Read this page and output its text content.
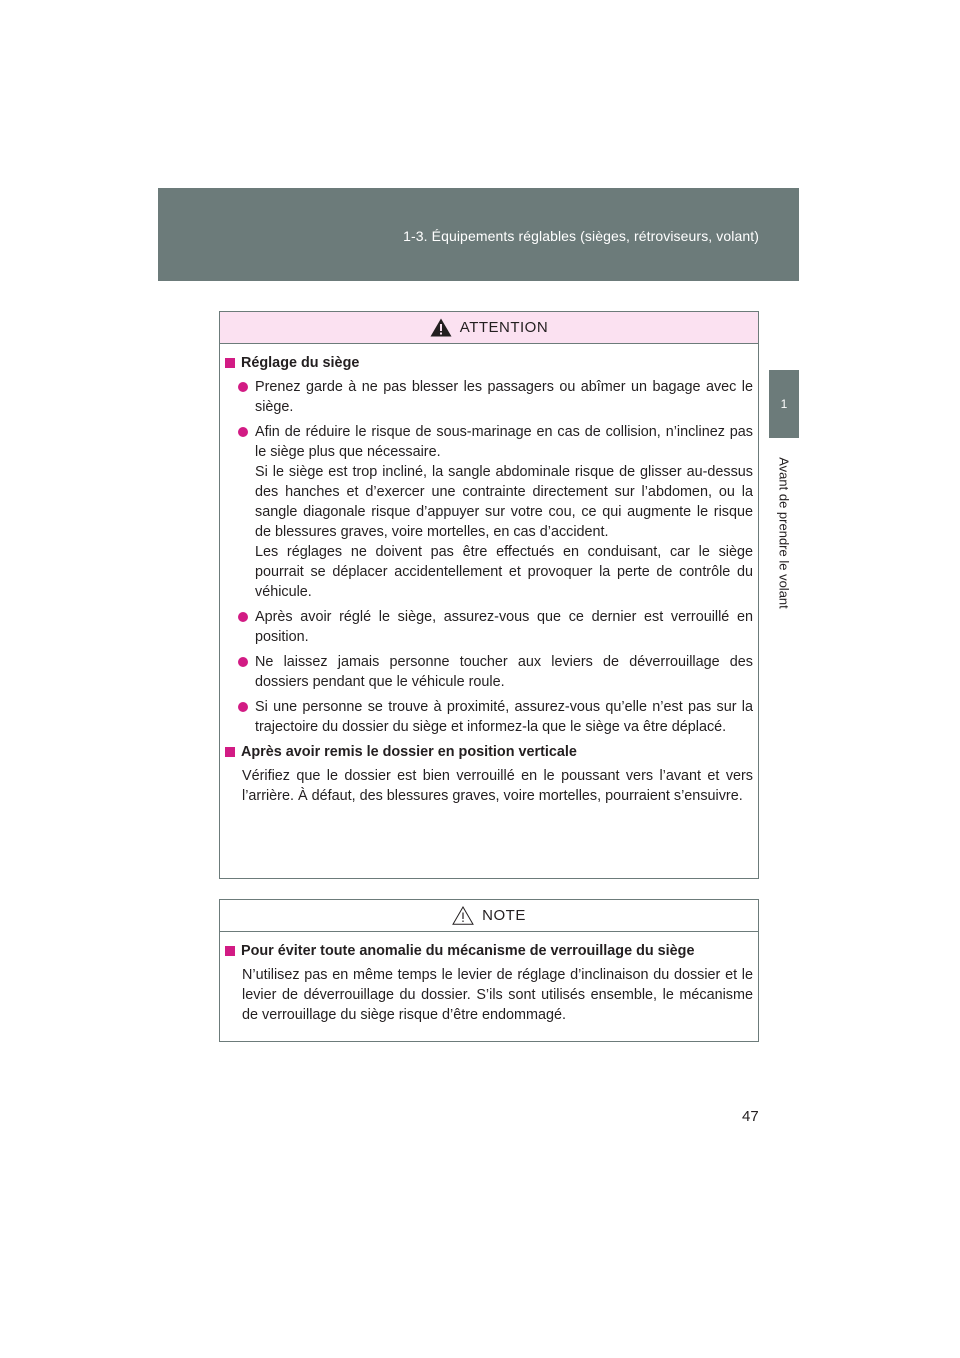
1-3. Équipements réglables (sièges, rétroviseurs, volant)
1
Avant de prendre le volant
ATTENTION
Réglage du siège
Prenez garde à ne pas blesser les passagers ou abîmer un bagage avec le siège.
Afin de réduire le risque de sous-marinage en cas de collision, n’inclinez pas le siège plus que nécessaire.
Si le siège est trop incliné, la sangle abdominale risque de glisser au-dessus des hanches et d’exercer une contrainte directement sur l’abdomen, ou la sangle diagonale risque d’appuyer sur votre cou, ce qui augmente le risque de blessures graves, voire mortelles, en cas d’accident.
Les réglages ne doivent pas être effectués en conduisant, car le siège pourrait se déplacer accidentellement et provoquer la perte de contrôle du véhicule.
Après avoir réglé le siège, assurez-vous que ce dernier est verrouillé en position.
Ne laissez jamais personne toucher aux leviers de déverrouillage des dossiers pendant que le véhicule roule.
Si une personne se trouve à proximité, assurez-vous qu’elle n’est pas sur la trajectoire du dossier du siège et informez-la que le siège va être déplacé.
Après avoir remis le dossier en position verticale
Vérifiez que le dossier est bien verrouillé en le poussant vers l’avant et vers l’arrière. À défaut, des blessures graves, voire mortelles, pourraient s’ensuivre.
NOTE
Pour éviter toute anomalie du mécanisme de verrouillage du siège
N’utilisez pas en même temps le levier de réglage d’inclinaison du dossier et le levier de déverrouillage du dossier. S’ils sont utilisés ensemble, le mécanisme de verrouillage du siège risque d’être endommagé.
47
